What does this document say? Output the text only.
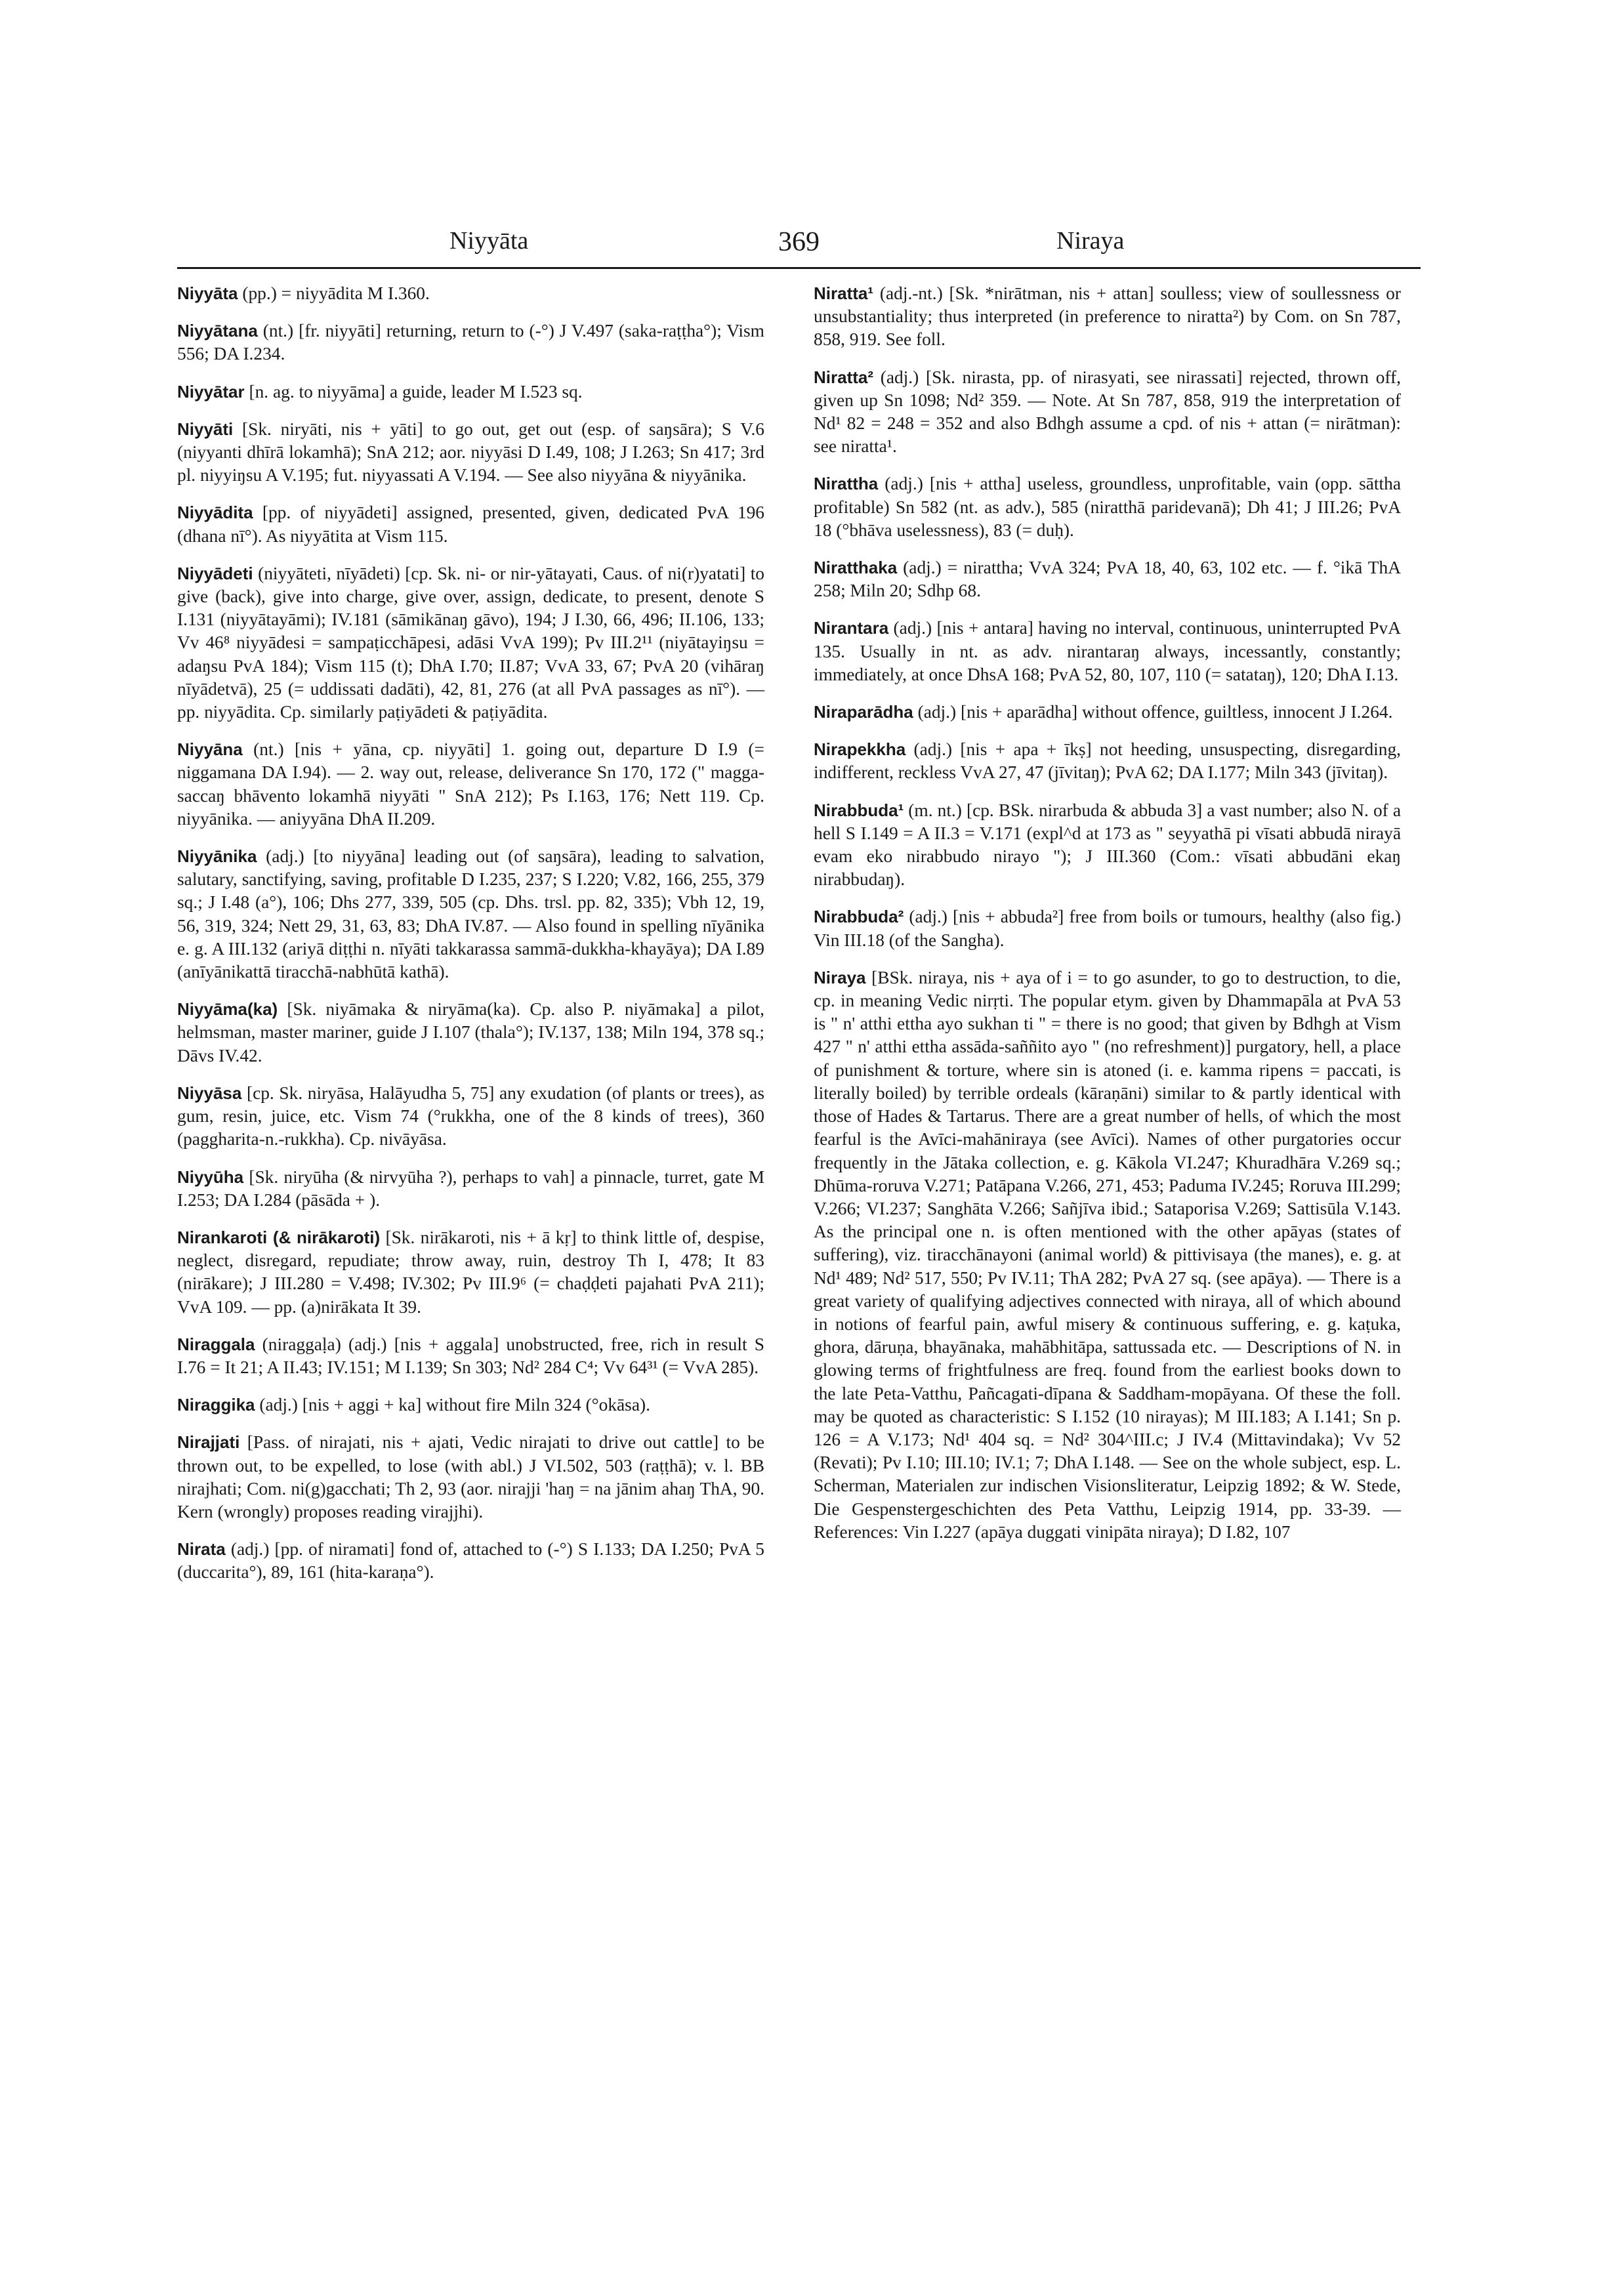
Niyyāta	369	Niraya

Niyyāta (pp.) = niyyādita M I.360.

Niyyātana (nt.) [fr. niyyāti] returning, return to (-°) J V.497 (saka-raṭṭha°); Vism 556; DA I.234.

Niyyātar [n. ag. to niyyāma] a guide, leader M I.523 sq.

Niyyāti [Sk. niryāti, nis + yāti] to go out, get out (esp. of saŋsāra); S V.6 (niyyanti dhīrā lokamhā); SnA 212; aor. niyyāsi D I.49, 108; J I.263; Sn 417; 3rd pl. niyyiŋsu A V.195; fut. niyyassati A V.194. — See also niyyāna & niyyānika.

Niyyādita [pp. of niyyādeti] assigned, presented, given, dedicated PvA 196 (dhana nī°). As niyyātita at Vism 115.

Niyyādeti (niyyāteti, nīyādeti) [cp. Sk. ni- or nir-yātayati, Caus. of ni(r)yatati] to give (back), give into charge, give over, assign, dedicate, to present, denote S I.131 (niyyātayāmi); IV.181 (sāmikānaŋ gāvo), 194; J I.30, 66, 496; II.106, 133; Vv 46⁸ niyyādesi = sampaṭicchāpesi, adāsi VvA 199); Pv III.2¹¹ (niyātayiŋsu = adaŋsu PvA 184); Vism 115 (t); DhA I.70; II.87; VvA 33, 67; PvA 20 (vihāraŋ nīyādetvā), 25 (= uddissati dadāti), 42, 81, 276 (at all PvA passages as nī°). — pp. niyyādita. Cp. similarly paṭiyādeti & paṭiyādita.

Niyyāna (nt.) [nis + yāna, cp. niyyāti] 1. going out, departure D I.9 (= niggamana DA I.94). — 2. way out, release, deliverance Sn 170, 172 (" magga-saccaŋ bhāvento lokamhā niyyāti " SnA 212); Ps I.163, 176; Nett 119. Cp. niyyānika. — aniyyāna DhA II.209.

Niyyānika (adj.) [to niyyāna] leading out (of saŋsāra), leading to salvation, salutary, sanctifying, saving, profitable D I.235, 237; S I.220; V.82, 166, 255, 379 sq.; J I.48 (a°), 106; Dhs 277, 339, 505 (cp. Dhs. trsl. pp. 82, 335); Vbh 12, 19, 56, 319, 324; Nett 29, 31, 63, 83; DhA IV.87. — Also found in spelling nīyānika e. g. A III.132 (ariyā diṭṭhi n. nīyāti takkarassa sammā-dukkha-khayāya); DA I.89 (anīyānikattā tiracchā-nabhūtā kathā).

Niyyāma(ka) [Sk. niyāmaka & niryāma(ka). Cp. also P. niyāmaka] a pilot, helmsman, master mariner, guide J I.107 (thala°); IV.137, 138; Miln 194, 378 sq.; Dāvs IV.42.

Niyyāsa [cp. Sk. niryāsa, Halāyudha 5, 75] any exudation (of plants or trees), as gum, resin, juice, etc. Vism 74 (°rukkha, one of the 8 kinds of trees), 360 (paggharita-n.-rukkha). Cp. nivāyāsa.

Niyyūha [Sk. niryūha (& nirvyūha ?), perhaps to vah] a pinnacle, turret, gate M I.253; DA I.284 (pāsāda + ).

Nirankaroti (& nirākaroti) [Sk. nirākaroti, nis + ā kṛ] to think little of, despise, neglect, disregard, repudiate; throw away, ruin, destroy Th I, 478; It 83 (nirākare); J III.280 = V.498; IV.302; Pv III.9⁶ (= chaḍḍeti pajahati PvA 211); VvA 109. — pp. (a)nirākata It 39.

Niraggala (niraggaḷa) (adj.) [nis + aggala] unobstructed, free, rich in result S I.76 = It 21; A II.43; IV.151; M I.139; Sn 303; Nd² 284 C⁴; Vv 64³¹ (= VvA 285).

Niraggika (adj.) [nis + aggi + ka] without fire Miln 324 (°okāsa).

Nirajjati [Pass. of nirajati, nis + ajati, Vedic nirajati to drive out cattle] to be thrown out, to be expelled, to lose (with abl.) J VI.502, 503 (raṭṭhā); v. l. BB nirajhati; Com. ni(g)gacchati; Th 2, 93 (aor. nirajji 'haŋ = na jānim ahaŋ ThA, 90. Kern (wrongly) proposes reading virajjhi).

Nirata (adj.) [pp. of niramati] fond of, attached to (-°) S I.133; DA I.250; PvA 5 (duccarita°), 89, 161 (hita-karaṇa°).

Niratta¹ (adj.-nt.) [Sk. *nirātman, nis + attan] soulless; view of soullessness or unsubstantiality; thus interpreted (in preference to niratta²) by Com. on Sn 787, 858, 919. See foll.

Niratta² (adj.) [Sk. nirasta, pp. of nirasyati, see nirassati] rejected, thrown off, given up Sn 1098; Nd² 359. — Note. At Sn 787, 858, 919 the interpretation of Nd¹ 82 = 248 = 352 and also Bdhgh assume a cpd. of nis + attan (= nirātman): see niratta¹.

Niratthа (adj.) [nis + attha] useless, groundless, unprofitable, vain (opp. sāttha profitable) Sn 582 (nt. as adv.), 585 (niratthā paridevanā); Dh 41; J III.26; PvA 18 (°bhāva uselessness), 83 (= duḥ).

Niratthaka (adj.) = nirattha; VvA 324; PvA 18, 40, 63, 102 etc. — f. °ikā ThA 258; Miln 20; Sdhp 68.

Nirantara (adj.) [nis + antara] having no interval, continuous, uninterrupted PvA 135. Usually in nt. as adv. nirantaraŋ always, incessantly, constantly; immediately, at once DhsA 168; PvA 52, 80, 107, 110 (= satataŋ), 120; DhA I.13.

Niraparādha (adj.) [nis + aparādha] without offence, guiltless, innocent J I.264.

Nirapekkha (adj.) [nis + apa + īkṣ] not heeding, unsuspecting, disregarding, indifferent, reckless VvA 27, 47 (jīvitaŋ); PvA 62; DA I.177; Miln 343 (jīvitaŋ).

Nirabbuda¹ (m. nt.) [cp. BSk. nirarbuda & abbuda 3] a vast number; also N. of a hell S I.149 = A II.3 = V.171 (expl^d at 173 as " seyyathā pi vīsati abbudā nirayā evam eko nirabbudo nirayo "); J III.360 (Com.: vīsati abbudāni ekaŋ nirabbudaŋ).

Nirabbuda² (adj.) [nis + abbuda²] free from boils or tumours, healthy (also fig.) Vin III.18 (of the Sangha).

Niraya [BSk. niraya, nis + aya of i = to go asunder, to go to destruction, to die, cp. in meaning Vedic nirṛti. The popular etym. given by Dhammapāla at PvA 53 is " n' atthi ettha ayo sukhan ti " = there is no good; that given by Bdhgh at Vism 427 " n' atthi ettha assāda-saññito ayo " (no refreshment)] purgatory, hell, a place of punishment & torture, where sin is atoned (i. e. kamma ripens = paccati, is literally boiled) by terrible ordeals (kāraṇāni) similar to & partly identical with those of Hades & Tartarus. There are a great number of hells, of which the most fearful is the Avīci-mahāniraya (see Avīci). Names of other purgatories occur frequently in the Jātaka collection, e. g. Kākola VI.247; Khuradhāra V.269 sq.; Dhūma-roruva V.271; Patāpana V.266, 271, 453; Paduma IV.245; Roruva III.299; V.266; VI.237; Sanghāta V.266; Sañjīva ibid.; Sataporisa V.269; Sattisūla V.143. As the principal one n. is often mentioned with the other apāyas (states of suffering), viz. tiracchānayoni (animal world) & pittivisaya (the manes), e. g. at Nd¹ 489; Nd² 517, 550; Pv IV.11; ThA 282; PvA 27 sq. (see apāya). — There is a great variety of qualifying adjectives connected with niraya, all of which abound in notions of fearful pain, awful misery & continuous suffering, e. g. kaṭuka, ghora, dāruṇa, bhayānaka, mahābhitāpa, sattussada etc. — Descriptions of N. in glowing terms of frightfulness are freq. found from the earliest books down to the late Peta-Vatthu, Pañcagati-dīpana & Saddham-mopāyana. Of these the foll. may be quoted as characteristic: S I.152 (10 nirayas); M III.183; A I.141; Sn p. 126 = A V.173; Nd¹ 404 sq. = Nd² 304^III.c; J IV.4 (Mittavindaka); Vv 52 (Revati); Pv I.10; III.10; IV.1; 7; DhA I.148. — See on the whole subject, esp. L. Scherman, Materialen zur indischen Visionsliteratur, Leipzig 1892; & W. Stede, Die Gespenstergeschichten des Peta Vatthu, Leipzig 1914, pp. 33-39. — References: Vin I.227 (apāya duggati vinipāta niraya); D I.82, 107
